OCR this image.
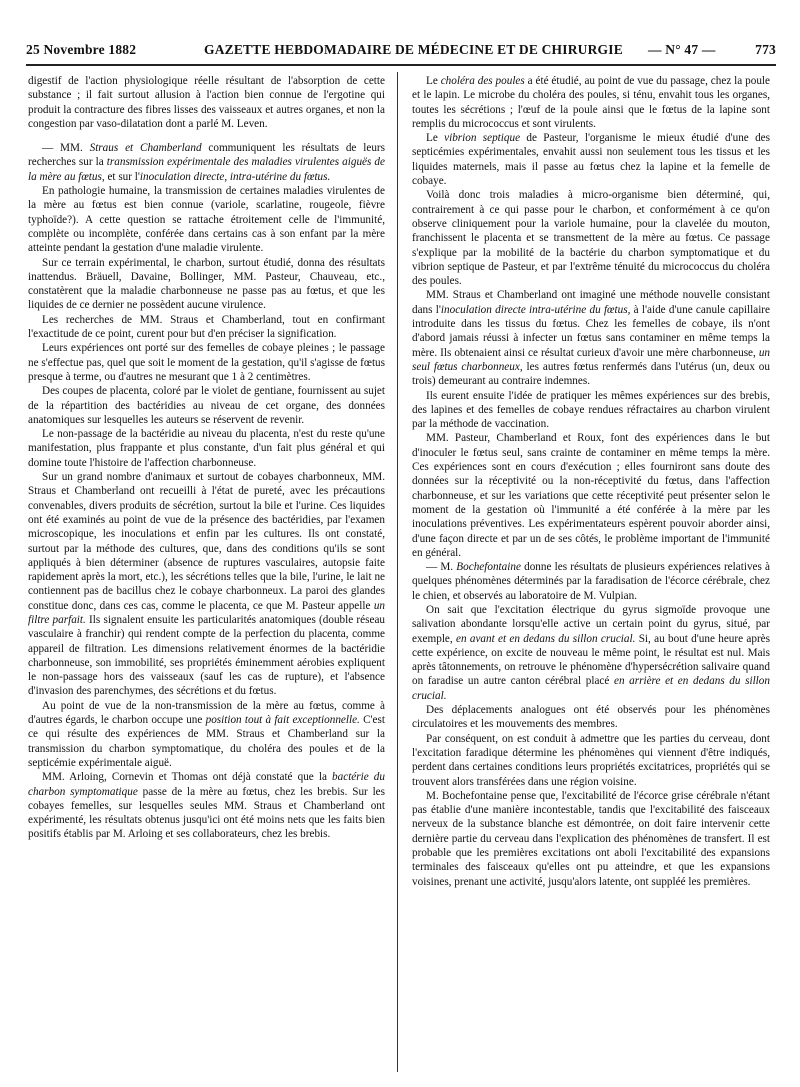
25 Novembre 1882	GAZETTE HEBDOMADAIRE DE MÉDECINE ET DE CHIRURGIE — N° 47 —	773

digestif de l'action physiologique réelle résultant de l'absorption de cette substance ; il fait surtout allusion à l'action bien connue de l'ergotine qui produit la contracture des fibres lisses des vaisseaux et autres organes, et non la congestion par vaso-dilatation dont a parlé M. Leven.

— MM. Straus et Chamberland communiquent les résultats de leurs recherches sur la transmission expérimentale des maladies virulentes aiguës de la mère au fœtus, et sur l'inoculation directe, intra-utérine du fœtus.

En pathologie humaine, la transmission de certaines maladies virulentes de la mère au fœtus est bien connue (variole, scarlatine, rougeole, fièvre typhoïde?). A cette question se rattache étroitement celle de l'immunité, complète ou incomplète, conférée dans certains cas à son enfant par la mère atteinte pendant la gestation d'une maladie virulente.

Sur ce terrain expérimental, le charbon, surtout étudié, donna des résultats inattendus. Bräuell, Davaine, Bollinger, MM. Pasteur, Chauveau, etc., constatèrent que la maladie charbonneuse ne passe pas au fœtus, et que les liquides de ce dernier ne possèdent aucune virulence.

Les recherches de MM. Straus et Chamberland, tout en confirmant l'exactitude de ce point, curent pour but d'en préciser la signification.

Leurs expériences ont porté sur des femelles de cobaye pleines ; le passage ne s'effectue pas, quel que soit le moment de la gestation, qu'il s'agisse de fœtus presque à terme, ou d'autres ne mesurant que 1 à 2 centimètres.

Des coupes de placenta, coloré par le violet de gentiane, fournissent au sujet de la répartition des bactéridies au niveau de cet organe, des données anatomiques sur lesquelles les auteurs se réservent de revenir.

Le non-passage de la bactéridie au niveau du placenta, n'est du reste qu'une manifestation, plus frappante et plus constante, d'un fait plus général et qui domine toute l'histoire de l'affection charbonneuse.

Sur un grand nombre d'animaux et surtout de cobayes charbonneux, MM. Straus et Chamberland ont recueilli à l'état de pureté, avec les précautions convenables, divers produits de sécrétion, surtout la bile et l'urine. Ces liquides ont été examinés au point de vue de la présence des bactéridies, par l'examen microscopique, les inoculations et enfin par les cultures. Ils ont constaté, surtout par la méthode des cultures, que, dans des conditions qu'ils se sont appliqués à bien déterminer (absence de ruptures vasculaires, autopsie faite rapidement après la mort, etc.), les sécrétions telles que la bile, l'urine, le lait ne contiennent pas de bacillus chez le cobaye charbonneux. La paroi des glandes constitue donc, dans ces cas, comme le placenta, ce que M. Pasteur appelle un filtre parfait. Ils signalent ensuite les particularités anatomiques (double réseau vasculaire à franchir) qui rendent compte de la perfection du placenta, comme appareil de filtration. Les dimensions relativement énormes de la bactéridie charbonneuse, son immobilité, ses propriétés éminemment aérobies expliquent le non-passage hors des vaisseaux (sauf les cas de rupture), et l'absence d'invasion des parenchymes, des sécrétions et du fœtus.

Au point de vue de la non-transmission de la mère au fœtus, comme à d'autres égards, le charbon occupe une position tout à fait exceptionnelle. C'est ce qui résulte des expériences de MM. Straus et Chamberland sur la transmission du charbon symptomatique, du choléra des poules et de la septicémie expérimentale aiguë.

MM. Arloing, Cornevin et Thomas ont déjà constaté que la bactérie du charbon symptomatique passe de la mère au fœtus, chez les brebis. Sur les cobayes femelles, sur lesquelles seules MM. Straus et Chamberland ont expérimenté, les résultats obtenus jusqu'ici ont été moins nets que les faits bien positifs établis par M. Arloing et ses collaborateurs, chez les brebis.

Le choléra des poules a été étudié, au point de vue du passage, chez la poule et le lapin. Le microbe du choléra des poules, si ténu, envahit tous les organes, toutes les sécrétions ; l'œuf de la poule ainsi que le fœtus de la lapine sont remplis du micrococcus et sont virulents.

Le vibrion septique de Pasteur, l'organisme le mieux étudié d'une des septicémies expérimentales, envahit aussi non seulement tous les tissus et les liquides maternels, mais il passe au fœtus chez la lapine et la femelle de cobaye.

Voilà donc trois maladies à micro-organisme bien déterminé, qui, contrairement à ce qui passe pour le charbon, et conformément à ce qu'on observe cliniquement pour la variole humaine, pour la clavelée du mouton, franchissent le placenta et se transmettent de la mère au fœtus. Ce passage s'explique par la mobilité de la bactérie du charbon symptomatique et du vibrion septique de Pasteur, et par l'extrême ténuité du micrococcus du choléra des poules.

MM. Straus et Chamberland ont imaginé une méthode nouvelle consistant dans l'inoculation directe intra-utérine du fœtus, à l'aide d'une canule capillaire introduite dans les tissus du fœtus. Chez les femelles de cobaye, ils n'ont d'abord jamais réussi à infecter un fœtus sans contaminer en même temps la mère. Ils obtenaient ainsi ce résultat curieux d'avoir une mère charbonneuse, un seul fœtus charbonneux, les autres fœtus renfermés dans l'utérus (un, deux ou trois) demeurant au contraire indemnes.

Ils eurent ensuite l'idée de pratiquer les mêmes expériences sur des brebis, des lapines et des femelles de cobaye rendues réfractaires au charbon virulent par la méthode de vaccination.

MM. Pasteur, Chamberland et Roux, font des expériences dans le but d'inoculer le fœtus seul, sans crainte de contaminer en même temps la mère. Ces expériences sont en cours d'exécution ; elles fourniront sans doute des données sur la réceptivité ou la non-réceptivité du fœtus, dans l'affection charbonneuse, et sur les variations que cette réceptivité peut présenter selon le moment de la gestation où l'immunité a été conférée à la mère par les inoculations préventives. Les expérimentateurs espèrent pouvoir aborder ainsi, d'une façon directe et par un de ses côtés, le problème important de l'immunité en général.

— M. Bochefontaine donne les résultats de plusieurs expériences relatives à quelques phénomènes déterminés par la faradisation de l'écorce cérébrale, chez le chien, et observés au laboratoire de M. Vulpian.

On sait que l'excitation électrique du gyrus sigmoïde provoque une salivation abondante lorsqu'elle active un certain point du gyrus, situé, par exemple, en avant et en dedans du sillon crucial. Si, au bout d'une heure après cette expérience, on excite de nouveau le même point, le résultat est nul. Mais après tâtonnements, on retrouve le phénomène d'hypersécrétion salivaire quand on faradise un autre canton cérébral placé en arrière et en dedans du sillon crucial.

Des déplacements analogues ont été observés pour les phénomènes circulatoires et les mouvements des membres.

Par conséquent, on est conduit à admettre que les parties du cerveau, dont l'excitation faradique détermine les phénomènes qui viennent d'être indiqués, perdent dans certaines conditions leurs propriétés excitatrices, propriétés qui se trouvent alors transférées dans une région voisine.

M. Bochefontaine pense que, l'excitabilité de l'écorce grise cérébrale n'étant pas établie d'une manière incontestable, tandis que l'excitabilité des faisceaux nerveux de la substance blanche est démontrée, on doit faire intervenir cette dernière partie du cerveau dans l'explication des phénomènes de transfert. Il est probable que les premières excitations ont aboli l'excitabilité des expansions terminales des faisceaux qu'elles ont pu atteindre, et que les expansions voisines, prenant une activité, jusqu'alors latente, ont suppléé les premières.
